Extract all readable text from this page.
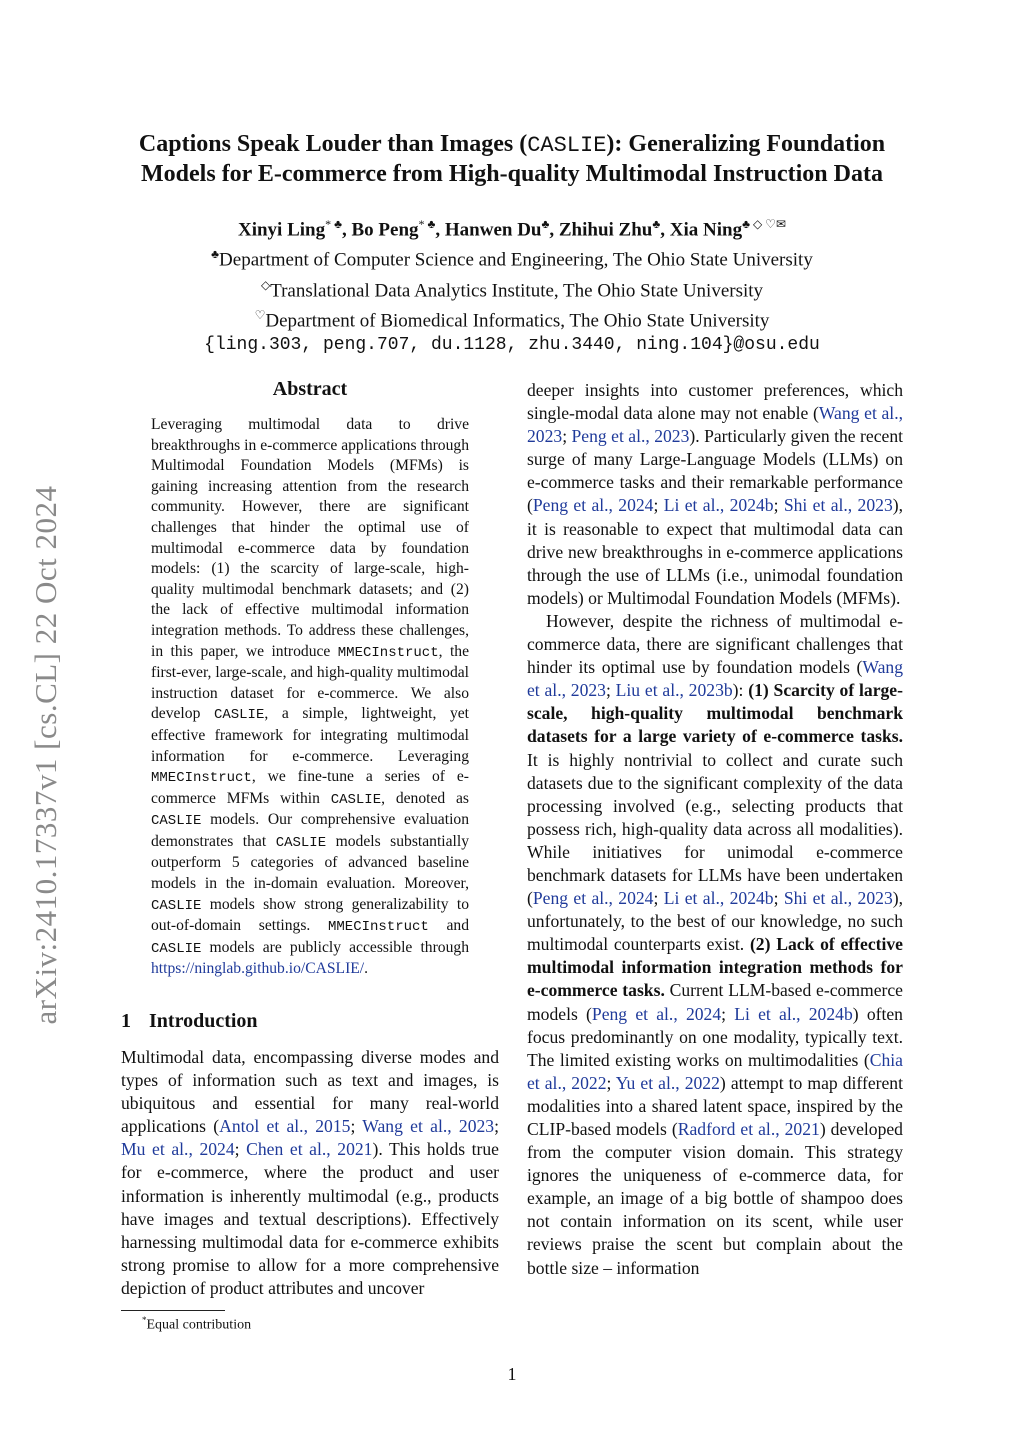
arXiv:2410.17337v1 [cs.CL] 22 Oct 2024
Captions Speak Louder than Images (CASLIE): Generalizing Foundation Models for E-commerce from High-quality Multimodal Instruction Data
Xinyi Ling* ♣, Bo Peng* ♣, Hanwen Du♣, Zhihui Zhu♣, Xia Ning♣ ◇ ♡✉
♣Department of Computer Science and Engineering, The Ohio State University
◇Translational Data Analytics Institute, The Ohio State University
♡Department of Biomedical Informatics, The Ohio State University
{ling.303, peng.707, du.1128, zhu.3440, ning.104}@osu.edu
Abstract

Leveraging multimodal data to drive breakthroughs in e-commerce applications through Multimodal Foundation Models (MFMs) is gaining increasing attention from the research community. However, there are significant challenges that hinder the optimal use of multimodal e-commerce data by foundation models: (1) the scarcity of large-scale, high-quality multimodal benchmark datasets; and (2) the lack of effective multimodal information integration methods. To address these challenges, in this paper, we introduce MMECInstruct, the first-ever, large-scale, and high-quality multimodal instruction dataset for e-commerce. We also develop CASLIE, a simple, lightweight, yet effective framework for integrating multimodal information for e-commerce. Leveraging MMECInstruct, we fine-tune a series of e-commerce MFMs within CASLIE, denoted as CASLIE models. Our comprehensive evaluation demonstrates that CASLIE models substantially outperform 5 categories of advanced baseline models in the in-domain evaluation. Moreover, CASLIE models show strong generalizability to out-of-domain settings. MMECInstruct and CASLIE models are publicly accessible through https://ninglab.github.io/CASLIE/.

1 Introduction

Multimodal data, encompassing diverse modes and types of information such as text and images, is ubiquitous and essential for many real-world applications (Antol et al., 2015; Wang et al., 2023; Mu et al., 2024; Chen et al., 2021). This holds true for e-commerce, where the product and user information is inherently multimodal (e.g., products have images and textual descriptions). Effectively harnessing multimodal data for e-commerce exhibits strong promise to allow for a more comprehensive depiction of product attributes and uncover

*Equal contribution

deeper insights into customer preferences, which single-modal data alone may not enable (Wang et al., 2023; Peng et al., 2023). Particularly given the recent surge of many Large-Language Models (LLMs) on e-commerce tasks and their remarkable performance (Peng et al., 2024; Li et al., 2024b; Shi et al., 2023), it is reasonable to expect that multimodal data can drive new breakthroughs in e-commerce applications through the use of LLMs (i.e., unimodal foundation models) or Multimodal Foundation Models (MFMs).

However, despite the richness of multimodal e-commerce data, there are significant challenges that hinder its optimal use by foundation models (Wang et al., 2023; Liu et al., 2023b): (1) Scarcity of large-scale, high-quality multimodal benchmark datasets for a large variety of e-commerce tasks. It is highly nontrivial to collect and curate such datasets due to the significant complexity of the data processing involved (e.g., selecting products that possess rich, high-quality data across all modalities). While initiatives for unimodal e-commerce benchmark datasets for LLMs have been undertaken (Peng et al., 2024; Li et al., 2024b; Shi et al., 2023), unfortunately, to the best of our knowledge, no such multimodal counterparts exist. (2) Lack of effective multimodal information integration methods for e-commerce tasks. Current LLM-based e-commerce models (Peng et al., 2024; Li et al., 2024b) often focus predominantly on one modality, typically text. The limited existing works on multimodalities (Chia et al., 2022; Yu et al., 2022) attempt to map different modalities into a shared latent space, inspired by the CLIP-based models (Radford et al., 2021) developed from the computer vision domain. This strategy ignores the uniqueness of e-commerce data, for example, an image of a big bottle of shampoo does not contain information on its scent, while user reviews praise the scent but complain about the bottle size – information

1
